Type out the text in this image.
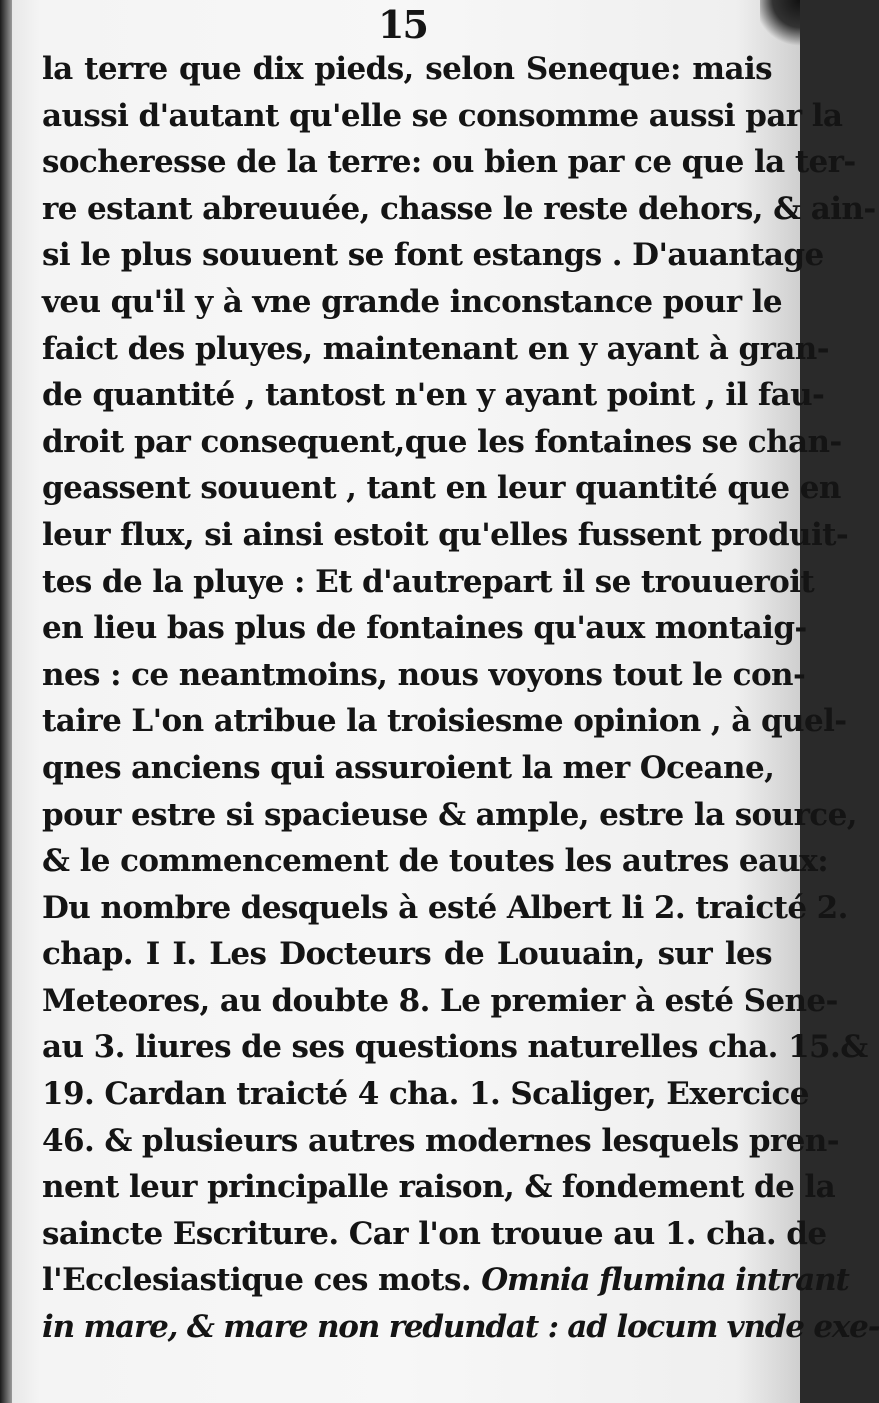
15
la terre que dix pieds, selon Seneque: mais
aussi d'autant qu'elle se consomme aussi par la
socheresse de la terre: ou bien par ce que la ter-
re estant abreuuée, chasse le reste dehors, & ain-
si le plus souuent se font estangs . D'auantage
veu qu'il y à vne grande inconstance pour le
faict des pluyes, maintenant en y ayant à gran-
de quantité , tantost n'en y ayant point , il fau-
droit par consequent,que les fontaines se chan-
geassent souuent , tant en leur quantité que en
leur flux, si ainsi estoit qu'elles fussent produit-
tes de la pluye : Et d'autrepart il se trouueroit
en lieu bas plus de fontaines qu'aux montaig-
nes : ce neantmoins, nous voyons tout le con-
taire L'on atribue la troisiesme opinion , à quel-
qnes anciens qui assuroient la mer Oceane,
pour estre si spacieuse & ample, estre la source,
& le commencement de toutes les autres eaux:
Du nombre desquels à esté Albert li 2. traicté 2.
chap. I I. Les Docteurs de Louuain, sur les
Meteores, au doubte 8. Le premier à esté Sene-
au 3. liures de ses questions naturelles cha. 15.&
19. Cardan traicté 4 cha. 1. Scaliger, Exercice
46. & plusieurs autres modernes lesquels pren-
nent leur principalle raison, & fondement de la
saincte Escriture. Car l'on trouue au 1. cha. de
l'Ecclesiastique ces mots. Omnia flumina intrant
in mare, & mare non redundat : ad locum vnde exe-
